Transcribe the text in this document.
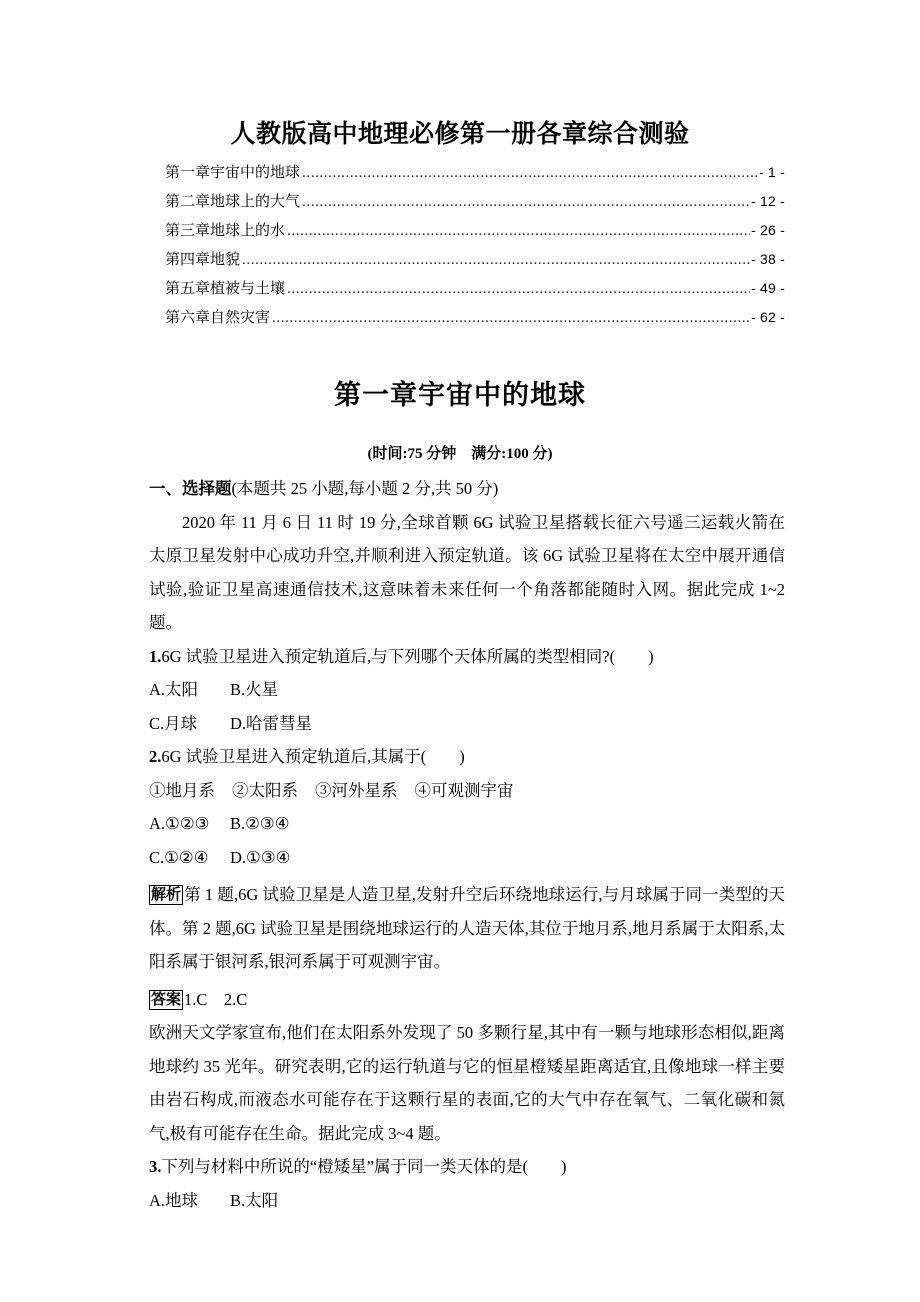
人教版高中地理必修第一册各章综合测验
第一章宇宙中的地球 .....	- 1 -
第二章地球上的大气 .....	- 12 -
第三章地球上的水 .....	- 26 -
第四章地貌 .....	- 38 -
第五章植被与土壤 .....	- 49 -
第六章自然灾害 .....	- 62 -
第一章宇宙中的地球
(时间:75 分钟　满分:100 分)
一、选择题(本题共 25 小题,每小题 2 分,共 50 分)
2020 年 11 月 6 日 11 时 19 分,全球首颗 6G 试验卫星搭载长征六号遥三运载火箭在太原卫星发射中心成功升空,并顺利进入预定轨道。该 6G 试验卫星将在太空中展开通信试验,验证卫星高速通信技术,这意味着未来任何一个角落都能随时入网。据此完成 1~2 题。
1.6G 试验卫星进入预定轨道后,与下列哪个天体所属的类型相同?(　　)
A.太阳	B.火星
C.月球	D.哈雷彗星
2.6G 试验卫星进入预定轨道后,其属于(　　)
①地月系 ②太阳系 ③河外星系 ④可观测宇宙
A.①②③	B.②③④
C.①②④	D.①③④
解析 第 1 题,6G 试验卫星是人造卫星,发射升空后环绕地球运行,与月球属于同一类型的天体。第 2 题,6G 试验卫星是围绕地球运行的人造天体,其位于地月系,地月系属于太阳系,太阳系属于银河系,银河系属于可观测宇宙。
答案 1.C　2.C
欧洲天文学家宣布,他们在太阳系外发现了 50 多颗行星,其中有一颗与地球形态相似,距离地球约 35 光年。研究表明,它的运行轨道与它的恒星橙矮星距离适宜,且像地球一样主要由岩石构成,而液态水可能存在于这颗行星的表面,它的大气中存在氧气、二氧化碳和氮气,极有可能存在生命。据此完成 3~4 题。
3.下列与材料中所说的“橙矮星”属于同一类天体的是(　　)
A.地球	B.太阳
